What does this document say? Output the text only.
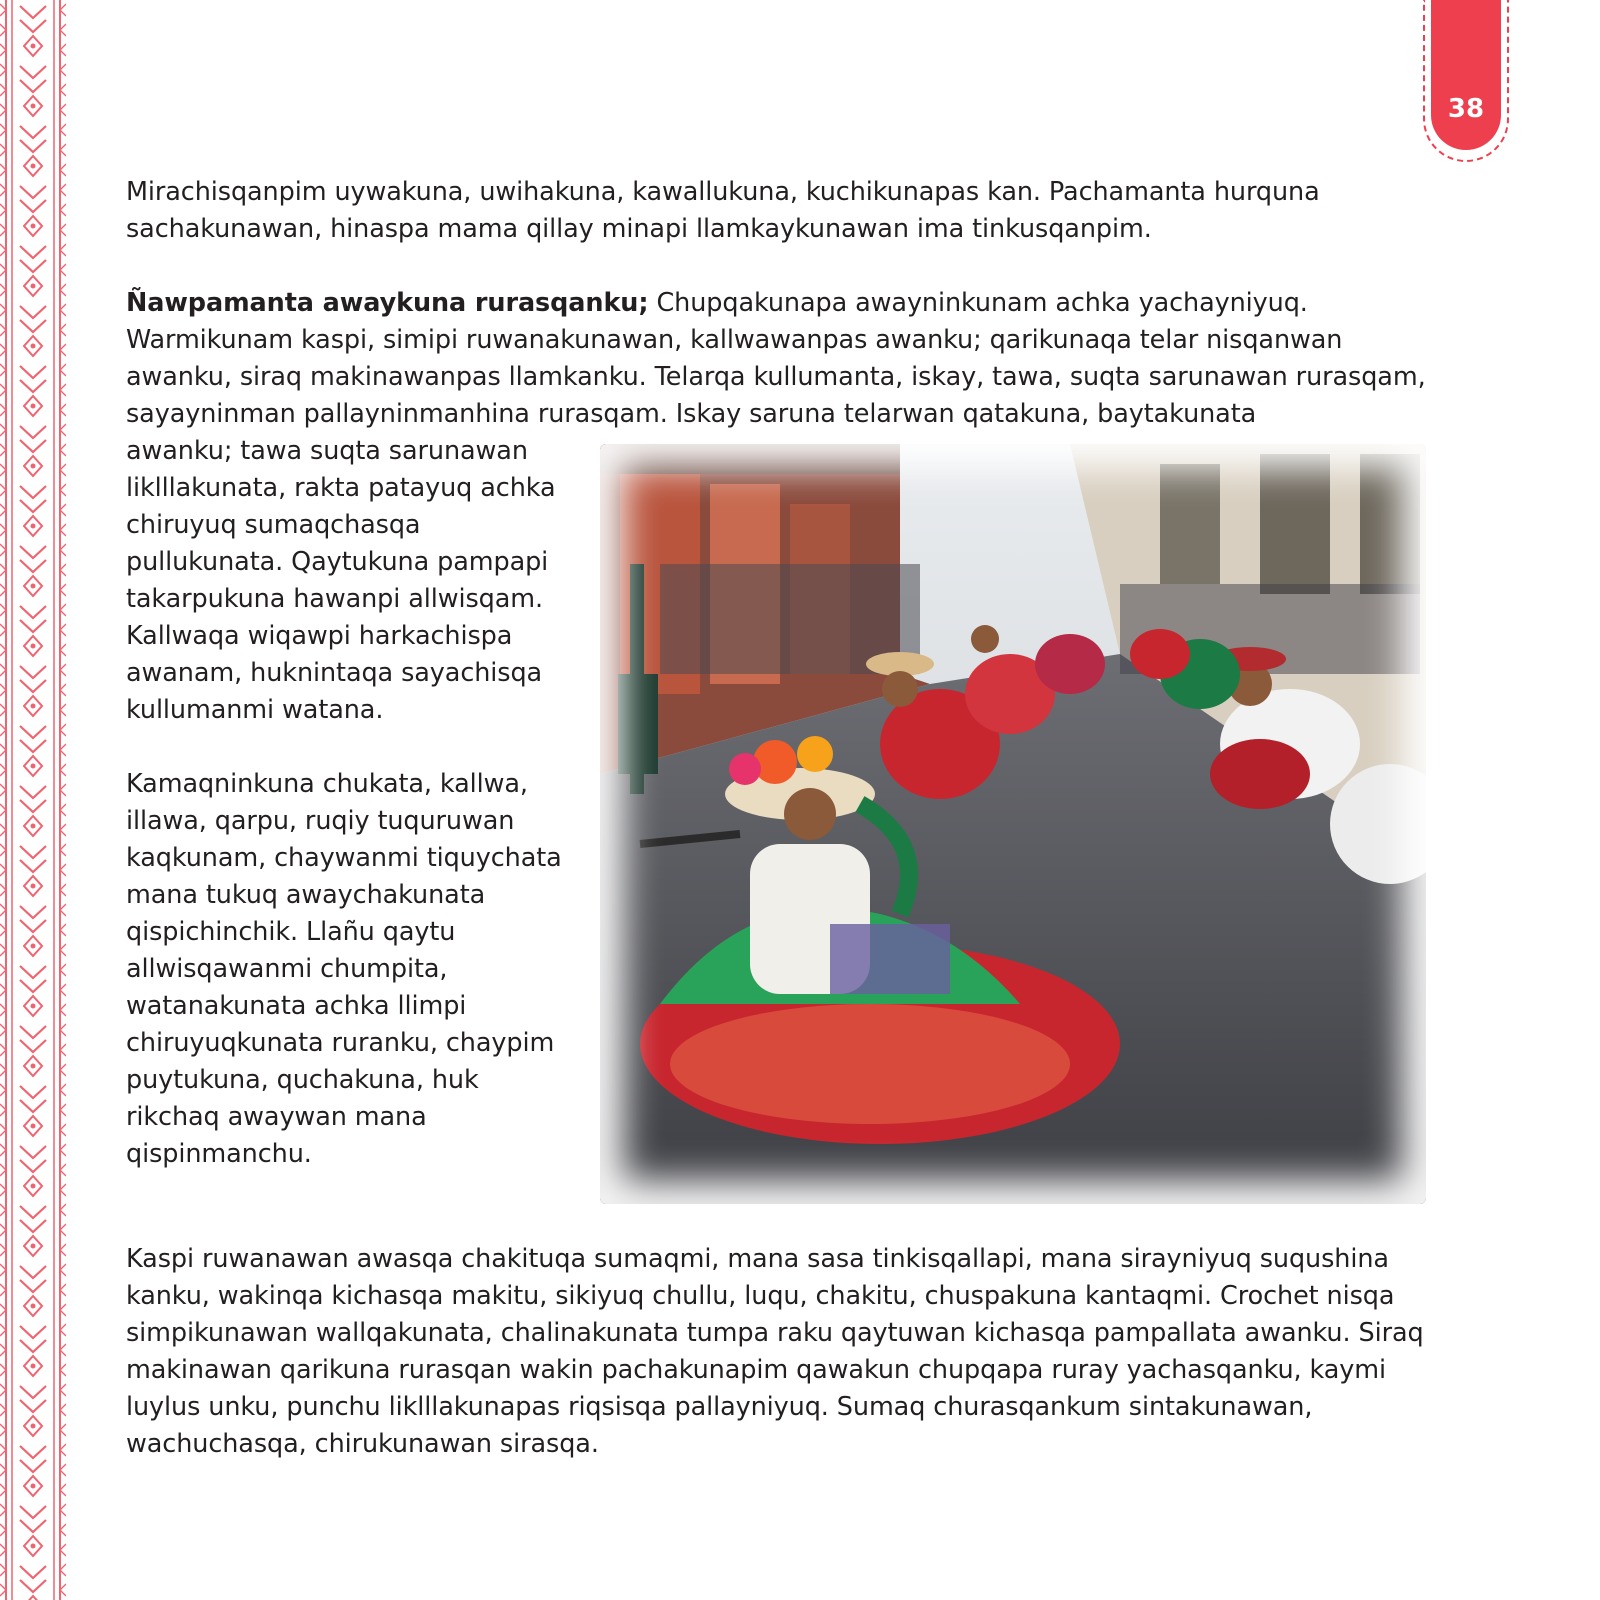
38

Mirachisqanpim uywakuna, uwihakuna, kawallukuna, kuchikunapas kan. Pachamanta hurquna sachakunawan, hinaspa mama qillay minapi llamkaykunawan ima tinkusqanpim.

Ñawpamanta awaykuna rurasqanku; Chupqakunapa awayninkunam achka yachayniyuq. Warmikunam kaspi, simipi ruwanakunawan, kallwawanpas awanku; qarikunaqa telar nisqanwan awanku, siraq makinawanpas llamkanku. Telarqa kullumanta, iskay, tawa, suqta sarunawan rurasqam, sayayninman pallayninmanhina rurasqam. Iskay saruna telarwan qatakuna, baytakunata

awanku; tawa suqta sarunawan liklllakunata, rakta patayuq achka chiruyuq sumaqchasqa pullukunata. Qaytukuna pampapi takarpukuna hawanpi allwisqam. Kallwaqa wiqawpi harkachispa awanam, huknintaqa sayachisqa kullumanmi watana.

Kamaqninkuna chukata, kallwa, illawa, qarpu, ruqiy tuquruwan kaqkunam, chaywanmi tiquychata mana tukuq awaychakunata qispichinchik. Llañu qaytu allwisqawanmi chumpita, watanakunata achka llimpi chiruyuqkunata ruranku, chaypim puytukuna, quchakuna, huk rikchaq awaywan mana qispinmanchu.

Kaspi ruwanawan awasqa chakituqa sumaqmi, mana sasa tinkisqallapi, mana sirayniyuq suqushina kanku, wakinqa kichasqa makitu, sikiyuq chullu, luqu, chakitu, chuspakuna kantaqmi. Crochet nisqa simpikunawan wallqakunata, chalinakunata tumpa raku qaytuwan kichasqa pampallata awanku. Siraq makinawan qarikuna rurasqan wakin pachakunapim qawakun chupqapa ruray yachasqanku, kaymi luylus unku, punchu liklllakunapas riqsisqa pallayniyuq. Sumaq churasqankum sintakunawan, wachuchasqa, chirukunawan sirasqa.
